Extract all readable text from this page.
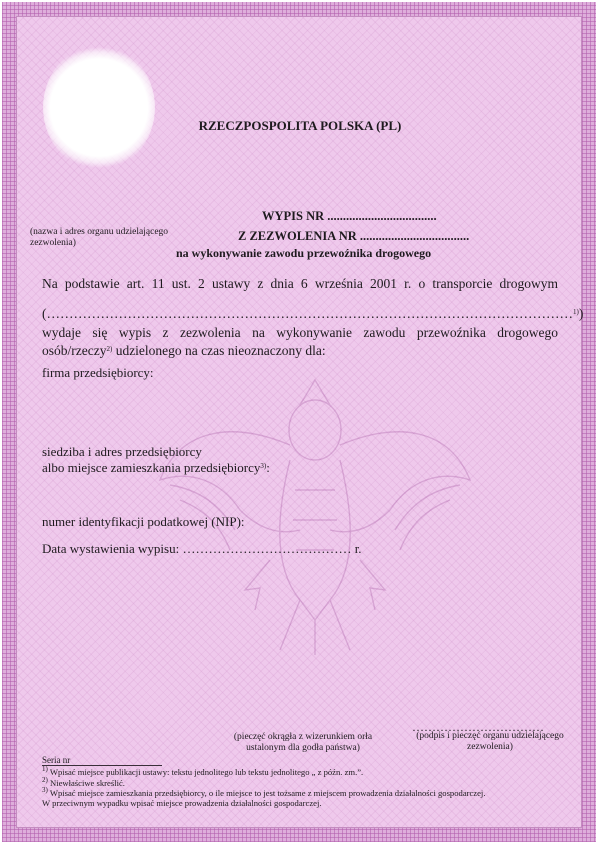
RZECZPOSPOLITA POLSKA (PL)
WYPIS NR ...................................
(nazwa i adres organu udzielającego zezwolenia)	Z ZEZWOLENIA NR ...................................
na wykonywanie zawodu przewoźnika drogowego
Na podstawie art. 11 ust. 2 ustawy z dnia 6 września 2001 r. o transporcie drogowym
(………………………………………………………………………………………………………$^{1)}$)
wydaje się wypis z zezwolenia na wykonywanie zawodu przewoźnika drogowego
osób/rzeczy$^{2)}$ udzielonego na czas nieoznaczony dla:
firma przedsiębiorcy:
siedziba i adres przedsiębiorcy
albo miejsce zamieszkania przedsiębiorcy$^{3)}$:
numer identyfikacji podatkowej (NIP):
Data wystawienia wypisu: ………………………………… r.
(pieczęć okrągła z wizerunkiem orła ustalonym dla godła państwa)
……………………………
(podpis i pieczęć organu udzielającego zezwolenia)
Seria nr
$^{1)}$ Wpisać miejsce publikacji ustawy: tekstu jednolitego lub tekstu jednolitego „ z późn. zm.”.
$^{2)}$ Niewłaściwe skreślić.
$^{3)}$ Wpisać miejsce zamieszkania przedsiębiorcy, o ile miejsce to jest tożsame z miejscem prowadzenia działalności gospodarczej.
W przeciwnym wypadku wpisać miejsce prowadzenia działalności gospodarczej.
